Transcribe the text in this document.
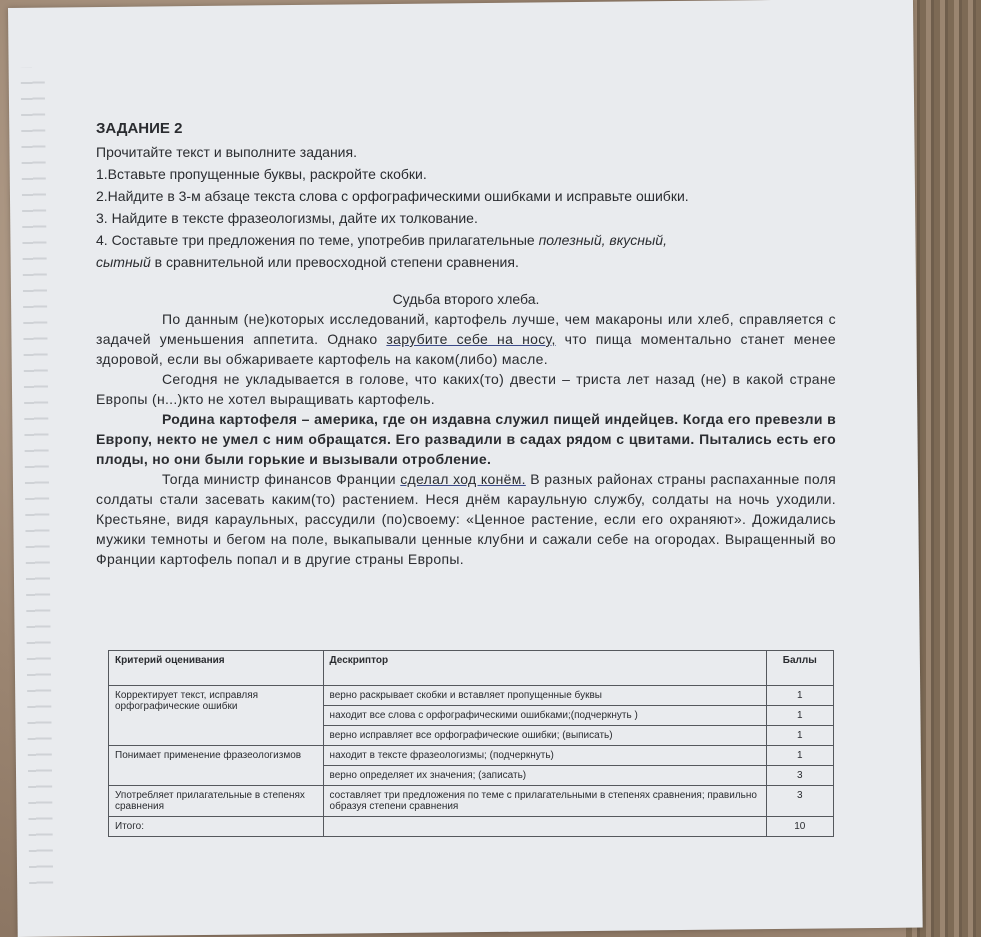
ЗАДАНИЕ 2

Прочитайте текст и выполните задания.

1.Вставьте пропущенные буквы, раскройте скобки.

2.Найдите в 3-м абзаце текста слова с орфографическими ошибками и исправьте ошибки.

3. Найдите в тексте фразеологизмы, дайте их толкование.

4. Составьте три предложения по теме, употребив прилагательные полезный, вкусный,
сытный в сравнительной или превосходной степени сравнения.

Судьба второго хлеба.

По данным (не)которых исследований, картофель лучше, чем макароны или хлеб, справляется с задачей уменьшения аппетита. Однако зарубите себе на носу, что пища моментально станет менее здоровой, если вы обжариваете картофель на каком(либо) масле.

Сегодня не укладывается в голове, что каких(то) двести – триста лет назад (не) в какой стране Европы (н...)кто не хотел выращивать картофель.

Родина картофеля – америка, где он издавна служил пищей индейцев. Когда его превезли в Европу, некто не умел с ним обращатся. Его развадили в садах рядом с цвитами. Пытались есть его плоды, но они были горькие и вызывали отробление.

Тогда министр финансов Франции сделал ход конём. В разных районах страны распаханные поля солдаты стали засевать каким(то) растением. Неся днём караульную службу, солдаты на ночь уходили. Крестьяне, видя караульных, рассудили (по)своему: «Ценное растение, если его охраняют». Дожидались мужики темноты и бегом на поле, выкапывали ценные клубни и сажали себе на огородах. Выращенный во Франции картофель попал и в другие страны Европы.

Критерий оценивания	Дескриптор	Баллы
Корректирует текст, исправляя орфографические ошибки	верно раскрывает скобки и вставляет пропущенные буквы	1
	находит все слова с орфографическими ошибками;(подчеркнуть )	1
	верно исправляет все орфографические ошибки; (выписать)	1
Понимает применение фразеологизмов	находит в тексте фразеологизмы; (подчеркнуть)	1
	верно определяет их значения; (записать)	3
Употребляет прилагательные в степенях сравнения	составляет три предложения по теме с прилагательными в степенях сравнения; правильно образуя степени сравнения	3
Итого:		10
